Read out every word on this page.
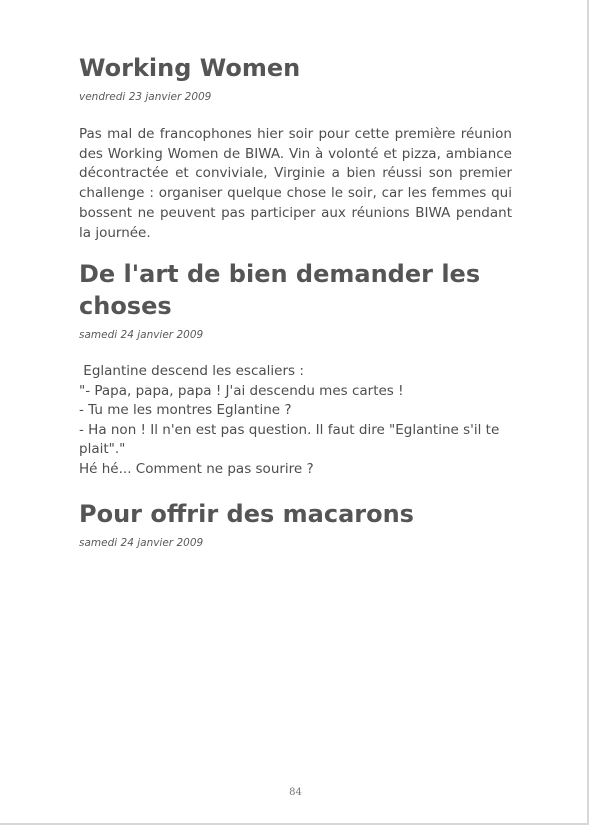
Working Women

vendredi 23 janvier 2009

Pas mal de francophones hier soir pour cette première réunion des Working Women de BIWA. Vin à volonté et pizza, ambiance décontractée et conviviale, Virginie a bien réussi son premier challenge : organiser quelque chose le soir, car les femmes qui bossent ne peuvent pas participer aux réunions BIWA pendant la journée.

De l'art de bien demander les choses

samedi 24 janvier 2009

Eglantine descend les escaliers :

"- Papa, papa, papa ! J'ai descendu mes cartes !

- Tu me les montres Eglantine ?

- Ha non ! Il n'en est pas question. Il faut dire "Eglantine s'il te plait"."

Hé hé... Comment ne pas sourire ?

Pour offrir des macarons

samedi 24 janvier 2009

84
